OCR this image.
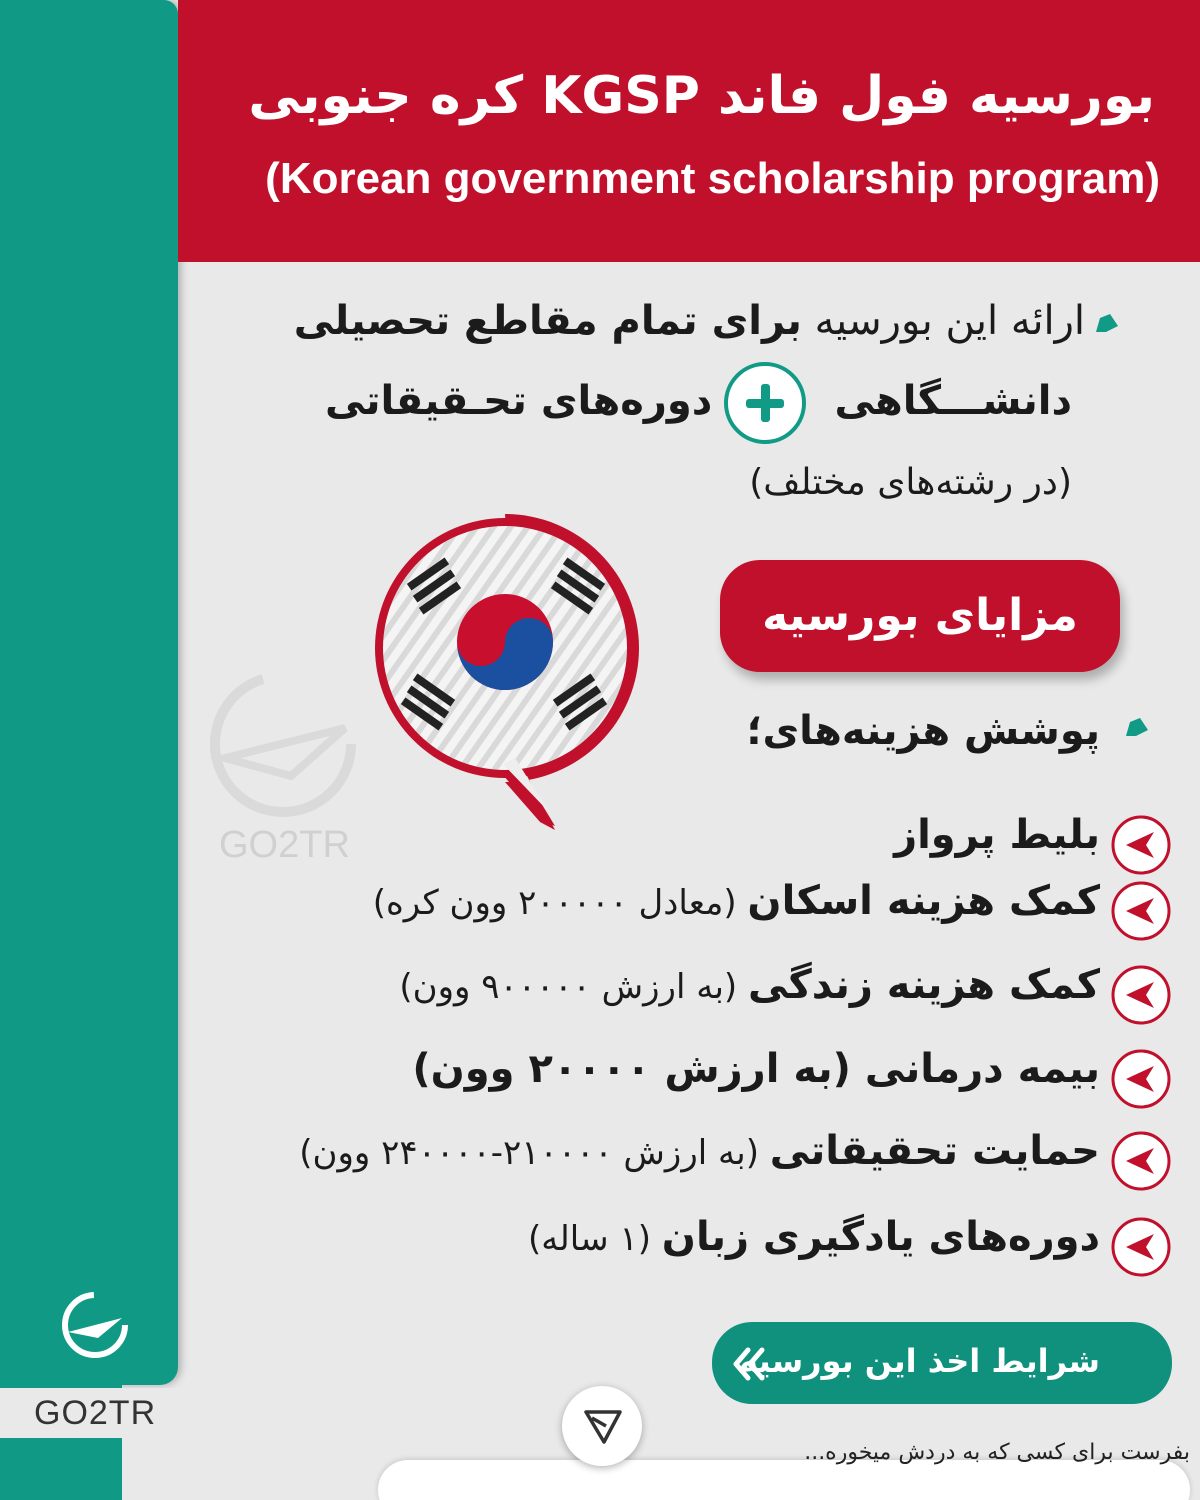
GO2TR
بورسیه فول فاند KGSP کره جنوبی
(Korean government scholarship program)
ارائه این بورسیه برای تمام مقاطع تحصیلی
دانشـــگاهی
دوره‌های تحـقیقاتی
(در رشته‌های مختلف)
GO2TR
مزایای بورسیه
پوشش هزینه‌های؛
بلیط پرواز
کمک هزینه اسکان (معادل ۲۰۰۰۰۰ وون کره)
کمک هزینه زندگی (به ارزش ۹۰۰۰۰۰ وون)
بیمه درمانی (به ارزش ۲۰۰۰۰ وون)
حمایت تحقیقاتی (به ارزش ۲۱۰۰۰۰-۲۴۰۰۰۰ وون)
دوره‌های یادگیری زبان (۱ ساله)
شرایط اخذ این بورسیه
بفرست برای کسی که به دردش میخوره...
